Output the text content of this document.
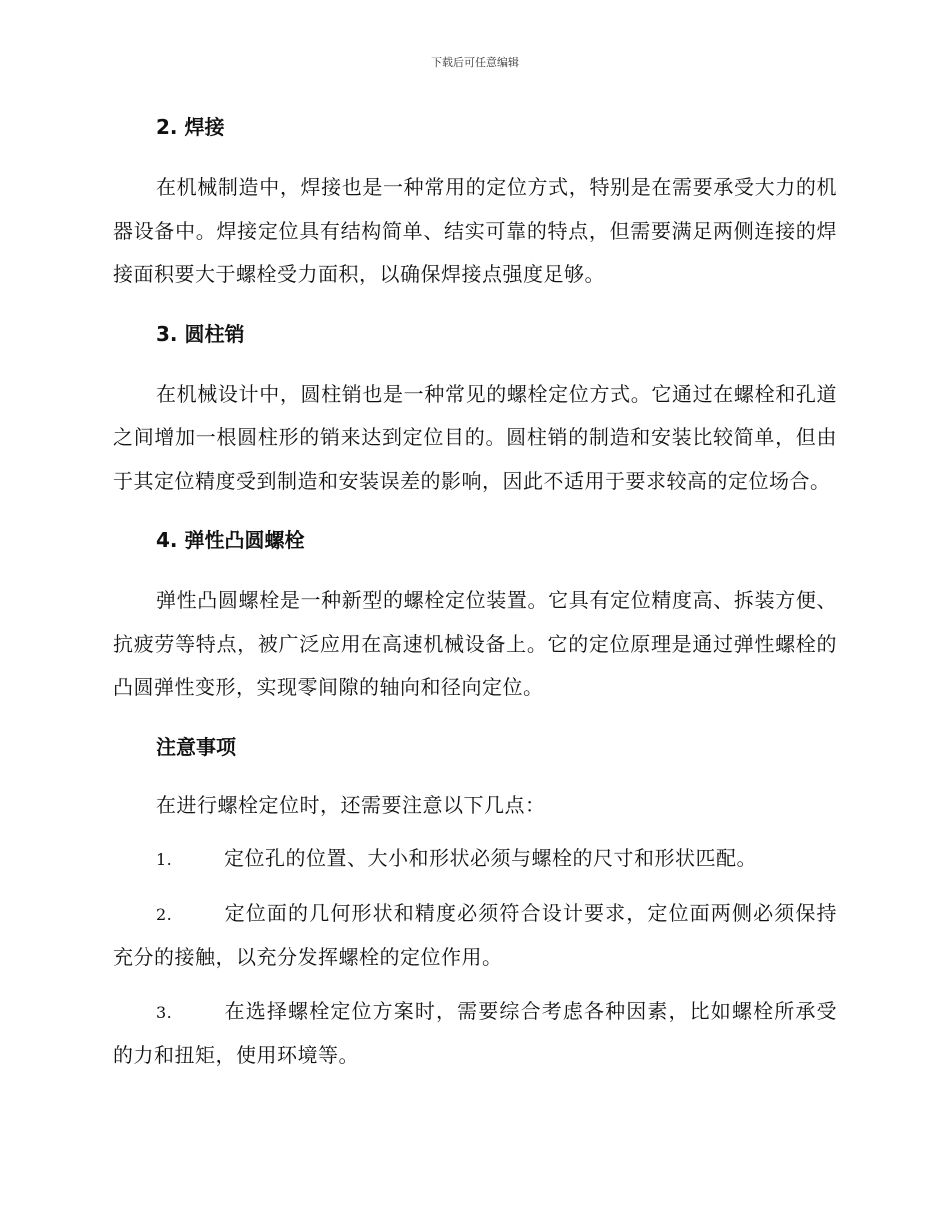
下载后可任意编辑
2. 焊接

在机械制造中，焊接也是一种常用的定位方式，特别是在需要承受大力的机器设备中。焊接定位具有结构简单、结实可靠的特点，但需要满足两侧连接的焊接面积要大于螺栓受力面积，以确保焊接点强度足够。

3. 圆柱销

在机械设计中，圆柱销也是一种常见的螺栓定位方式。它通过在螺栓和孔道之间增加一根圆柱形的销来达到定位目的。圆柱销的制造和安装比较简单，但由于其定位精度受到制造和安装误差的影响，因此不适用于要求较高的定位场合。

4. 弹性凸圆螺栓

弹性凸圆螺栓是一种新型的螺栓定位装置。它具有定位精度高、拆装方便、抗疲劳等特点，被广泛应用在高速机械设备上。它的定位原理是通过弹性螺栓的凸圆弹性变形，实现零间隙的轴向和径向定位。

注意事项

在进行螺栓定位时，还需要注意以下几点：

1.	定位孔的位置、大小和形状必须与螺栓的尺寸和形状匹配。
2.	定位面的几何形状和精度必须符合设计要求，定位面两侧必须保持充分的接触，以充分发挥螺栓的定位作用。
3.	在选择螺栓定位方案时，需要综合考虑各种因素，比如螺栓所承受的力和扭矩，使用环境等。
